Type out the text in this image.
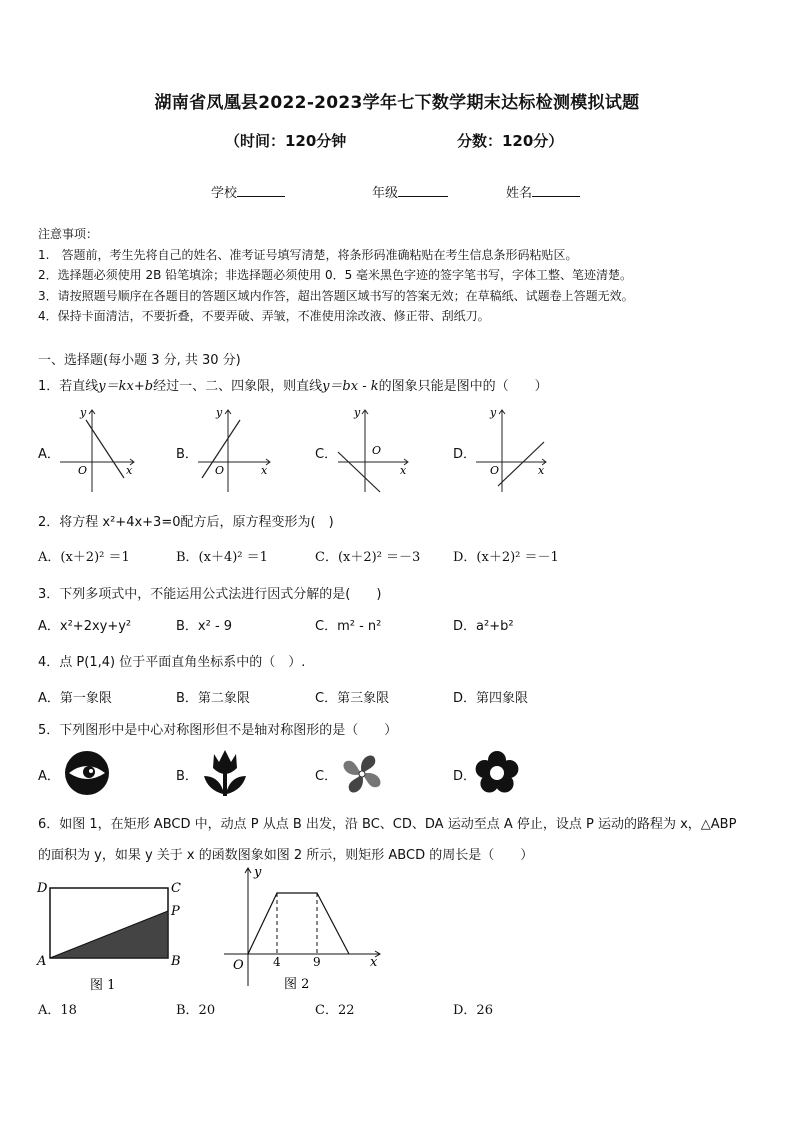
湖南省凤凰县2022-2023学年七下数学期末达标检测模拟试题
（时间：120分钟	分数：120分）
学校	年级	姓名
注意事项：
1.　答题前，考生先将自己的姓名、准考证号填写清楚，将条形码准确粘贴在考生信息条形码粘贴区。
2．选择题必须使用 2B 铅笔填涂；非选择题必须使用 0．5 毫米黑色字迹的签字笔书写，字体工整、笔迹清楚。
3．请按照题号顺序在各题目的答题区域内作答，超出答题区域书写的答案无效；在草稿纸、试题卷上答题无效。
4．保持卡面清洁，不要折叠，不要弄破、弄皱，不准使用涂改液、修正带、刮纸刀。
一、选择题(每小题 3 分, 共 30 分)
1．若直线y＝kx+b经过一、二、四象限，则直线y＝bx - k的图象只能是图中的（　　）
A．
y
O	x
B．
y
O	x
C．
y
O
x
D．
y
O	x
2．将方程 x²+4x+3=0配方后，原方程变形为(　)
A．(x＋2)² ＝1	B．(x＋4)² ＝1	C．(x＋2)² ＝－3	D．(x＋2)² ＝－1
3．下列多项式中，不能运用公式法进行因式分解的是(　　)
A．x²+2xy+y²	B．x² - 9	C．m² - n²	D．a²+b²
4．点 P(1,4) 位于平面直角坐标系中的（　）.
A．第一象限	B．第二象限	C．第三象限	D．第四象限
5．下列图形中是中心对称图形但不是轴对称图形的是（　　）
A．	B．	C．	D．
6．如图 1，在矩形 ABCD 中，动点 P 从点 B 出发，沿 BC、CD、DA 运动至点 A 停止，设点 P 运动的路程为 x，△ABP
的面积为 y，如果 y 关于 x 的函数图象如图 2 所示，则矩形 ABCD 的周长是（　　）
D	C
P
A	B
图 1
y
O 4	9	x
图 2
A．18	B．20	C．22	D．26
